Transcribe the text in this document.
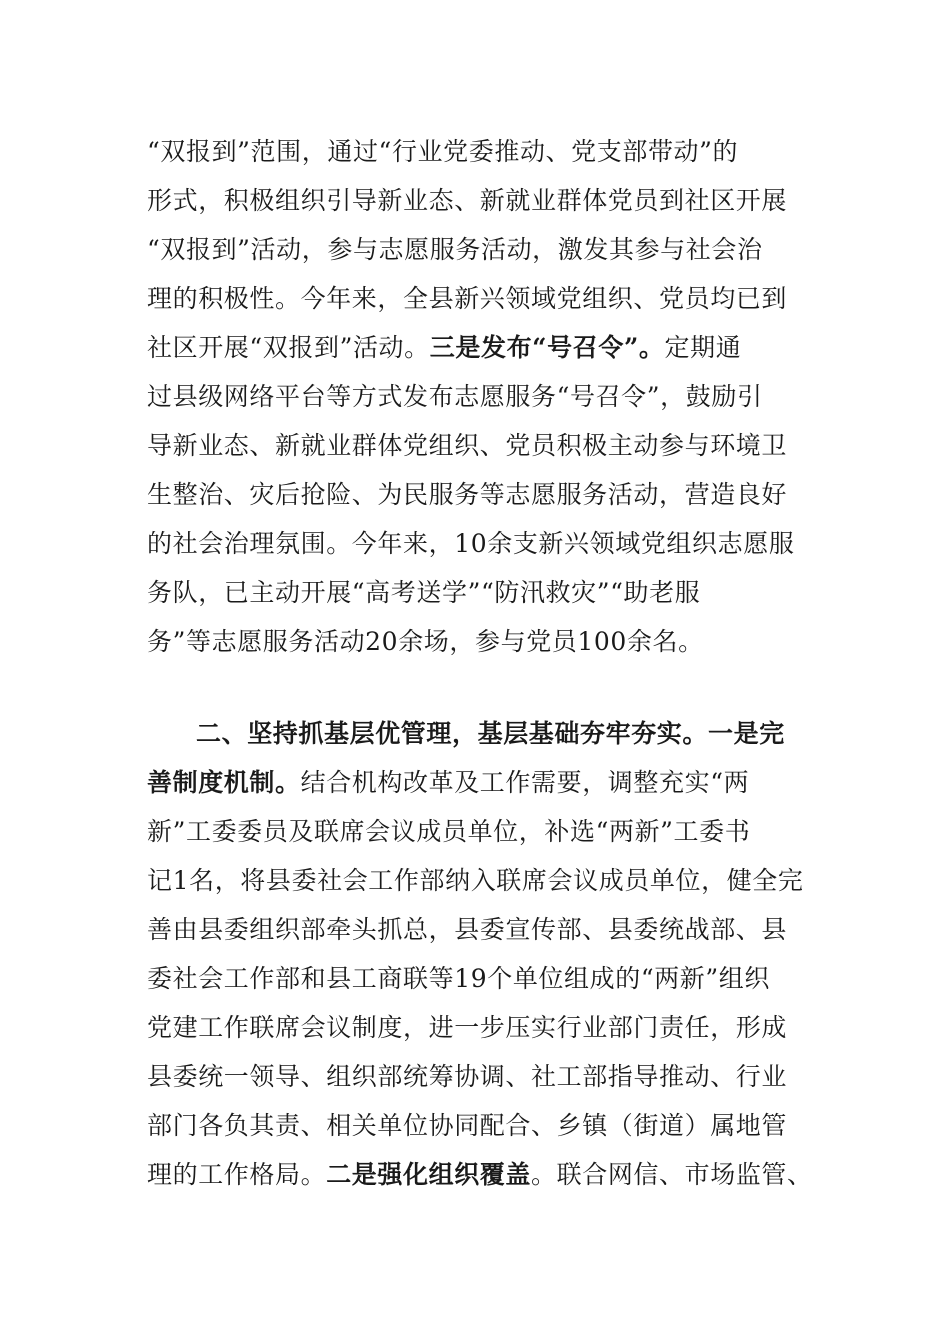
“双报到”范围，通过“行业党委推动、党支部带动”的
形式，积极组织引导新业态、新就业群体党员到社区开展
“双报到”活动，参与志愿服务活动，激发其参与社会治
理的积极性。今年来，全县新兴领域党组织、党员均已到
社区开展“双报到”活动。三是发布“号召令”。定期通
过县级网络平台等方式发布志愿服务“号召令”，鼓励引
导新业态、新就业群体党组织、党员积极主动参与环境卫
生整治、灾后抢险、为民服务等志愿服务活动，营造良好
的社会治理氛围。今年来，10余支新兴领域党组织志愿服
务队，已主动开展“高考送学”“防汛救灾”“助老服
务”等志愿服务活动20余场，参与党员100余名。
二、坚持抓基层优管理，基层基础夯牢夯实。一是完
善制度机制。结合机构改革及工作需要，调整充实“两
新”工委委员及联席会议成员单位，补选“两新”工委书
记1名，将县委社会工作部纳入联席会议成员单位，健全完
善由县委组织部牵头抓总，县委宣传部、县委统战部、县
委社会工作部和县工商联等19个单位组成的“两新”组织
党建工作联席会议制度，进一步压实行业部门责任，形成
县委统一领导、组织部统筹协调、社工部指导推动、行业
部门各负其责、相关单位协同配合、乡镇（街道）属地管
理的工作格局。二是强化组织覆盖。联合网信、市场监管、
